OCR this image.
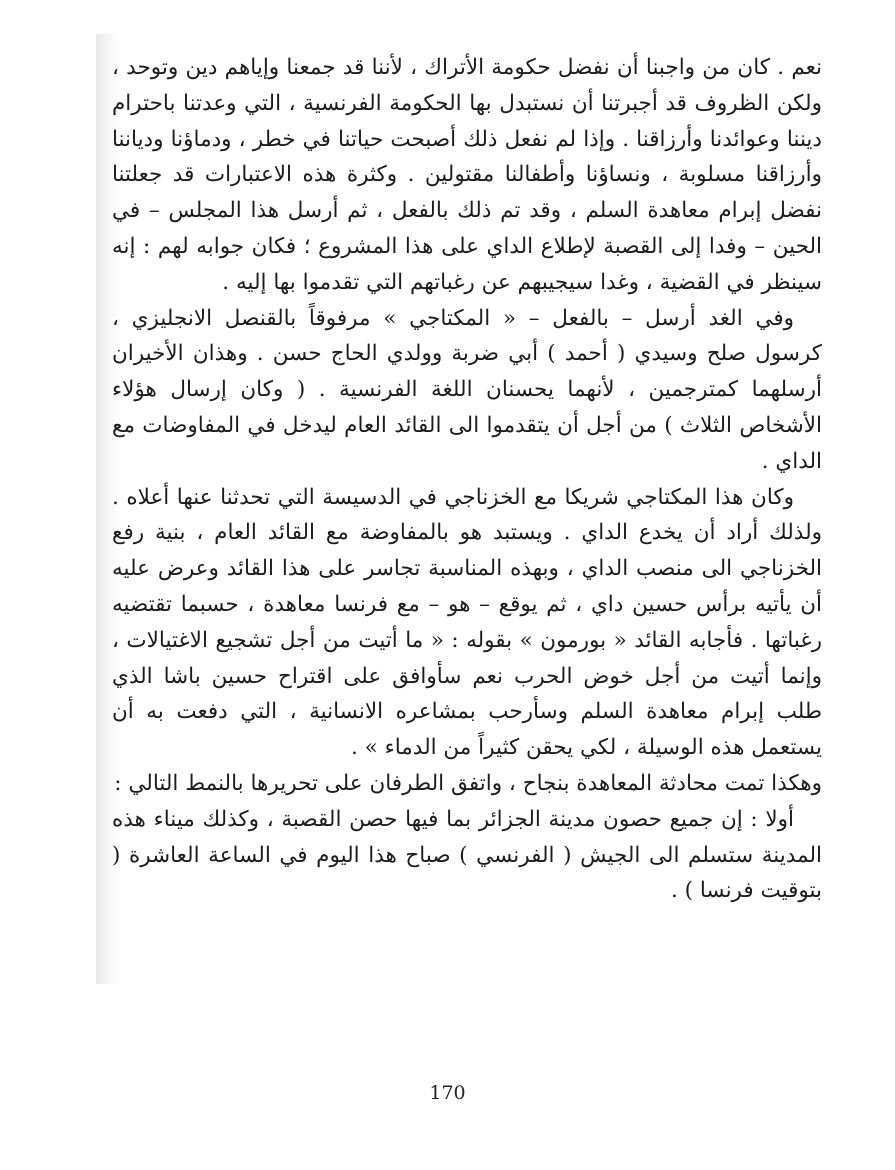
نعم . كان من واجبنا أن نفضل حكومة الأتراك ، لأننا قد جمعنا وإياهم دين وتوحد ، ولكن الظروف قد أجبرتنا أن نستبدل بها الحكومة الفرنسية ، التي وعدتنا باحترام ديننا وعوائدنا وأرزاقنا . وإذا لم نفعل ذلك أصبحت حياتنا في خطر ، ودماؤنا ودياننا وأرزاقنا مسلوبة ، ونساؤنا وأطفالنا مقتولين . وكثرة هذه الاعتبارات قد جعلتنا نفضل إبرام معاهدة السلم ، وقد تم ذلك بالفعل ، ثم أرسل هذا المجلس – في الحين – وفدا إلى القصبة لإطلاع الداي على هذا المشروع ؛ فكان جوابه لهم : إنه سينظر في القضية ، وغدا سيجيبهم عن رغباتهم التي تقدموا بها إليه .

وفي الغد أرسل – بالفعل – « المكتاجي » مرفوقاً بالقنصل الانجليزي ، كرسول صلح وسيدي ( أحمد ) أبي ضربة وولدي الحاج حسن . وهذان الأخيران أرسلهما كمترجمين ، لأنهما يحسنان اللغة الفرنسية . ( وكان إرسال هؤلاء الأشخاص الثلاث ) من أجل أن يتقدموا الى القائد العام ليدخل في المفاوضات مع الداي .

وكان هذا المكتاجي شريكا مع الخزناجي في الدسيسة التي تحدثنا عنها أعلاه . ولذلك أراد أن يخدع الداي . ويستبد هو بالمفاوضة مع القائد العام ، بنية رفع الخزناجي الى منصب الداي ، وبهذه المناسبة تجاسر على هذا القائد وعرض عليه أن يأتيه برأس حسين داي ، ثم يوقع – هو – مع فرنسا معاهدة ، حسبما تقتضيه رغباتها . فأجابه القائد « بورمون » بقوله : « ما أتيت من أجل تشجيع الاغتيالات ، وإنما أتيت من أجل خوض الحرب نعم سأوافق على اقتراح حسين باشا الذي طلب إبرام معاهدة السلم وسأرحب بمشاعره الانسانية ، التي دفعت به أن يستعمل هذه الوسيلة ، لكي يحقن كثيراً من الدماء » .

وهكذا تمت محادثة المعاهدة بنجاح ، واتفق الطرفان على تحريرها بالنمط التالي :

أولا : إن جميع حصون مدينة الجزائر بما فيها حصن القصبة ، وكذلك ميناء هذه المدينة ستسلم الى الجيش ( الفرنسي ) صباح هذا اليوم في الساعة العاشرة ( بتوقيت فرنسا ) .

170
